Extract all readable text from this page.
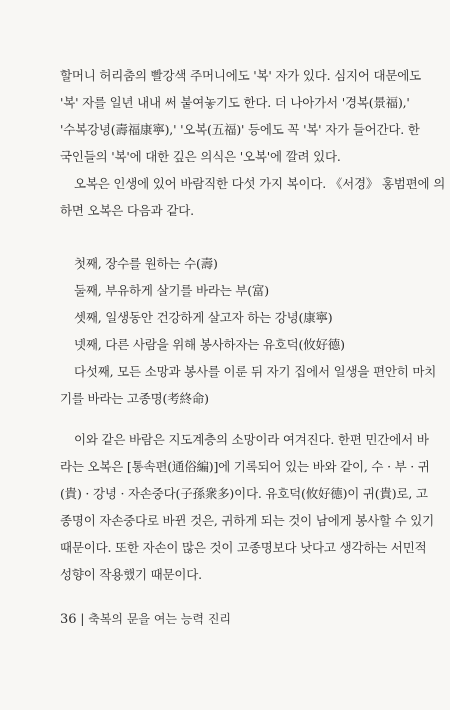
할머니 허리춤의 빨강색 주머니에도 '복' 자가 있다. 심지어 대문에도
'복' 자를 일년 내내 써 붙여놓기도 한다. 더 나아가서 '경복(景福),'
'수복강녕(壽福康寧),' '오복(五福)' 등에도 꼭 '복' 자가 들어간다. 한
국인들의 '복'에 대한 깊은 의식은 '오복'에 깔려 있다.
오복은 인생에 있어 바람직한 다섯 가지 복이다. 《서경》 홍범편에 의
하면 오복은 다음과 같다.
첫째, 장수를 원하는 수(壽)
둘째, 부유하게 살기를 바라는 부(富)
셋째, 일생동안 건강하게 살고자 하는 강녕(康寧)
넷째, 다른 사람을 위해 봉사하자는 유호덕(攸好德)
다섯째, 모든 소망과 봉사를 이룬 뒤 자기 집에서 일생을 편안히 마치
기를 바라는 고종명(考終命)
이와 같은 바람은 지도계층의 소망이라 여겨진다. 한편 민간에서 바
라는 오복은 [통속편(通俗編)]에 기록되어 있는 바와 같이, 수 · 부 · 귀
(貴) · 강녕 · 자손중다(子孫衆多)이다. 유호덕(攸好德)이 귀(貴)로, 고
종명이 자손중다로 바뀐 것은, 귀하게 되는 것이 남에게 봉사할 수 있기
때문이다. 또한 자손이 많은 것이 고종명보다 낫다고 생각하는 서민적
성향이 작용했기 때문이다.
36 | 축복의 문을 여는 능력 진리
